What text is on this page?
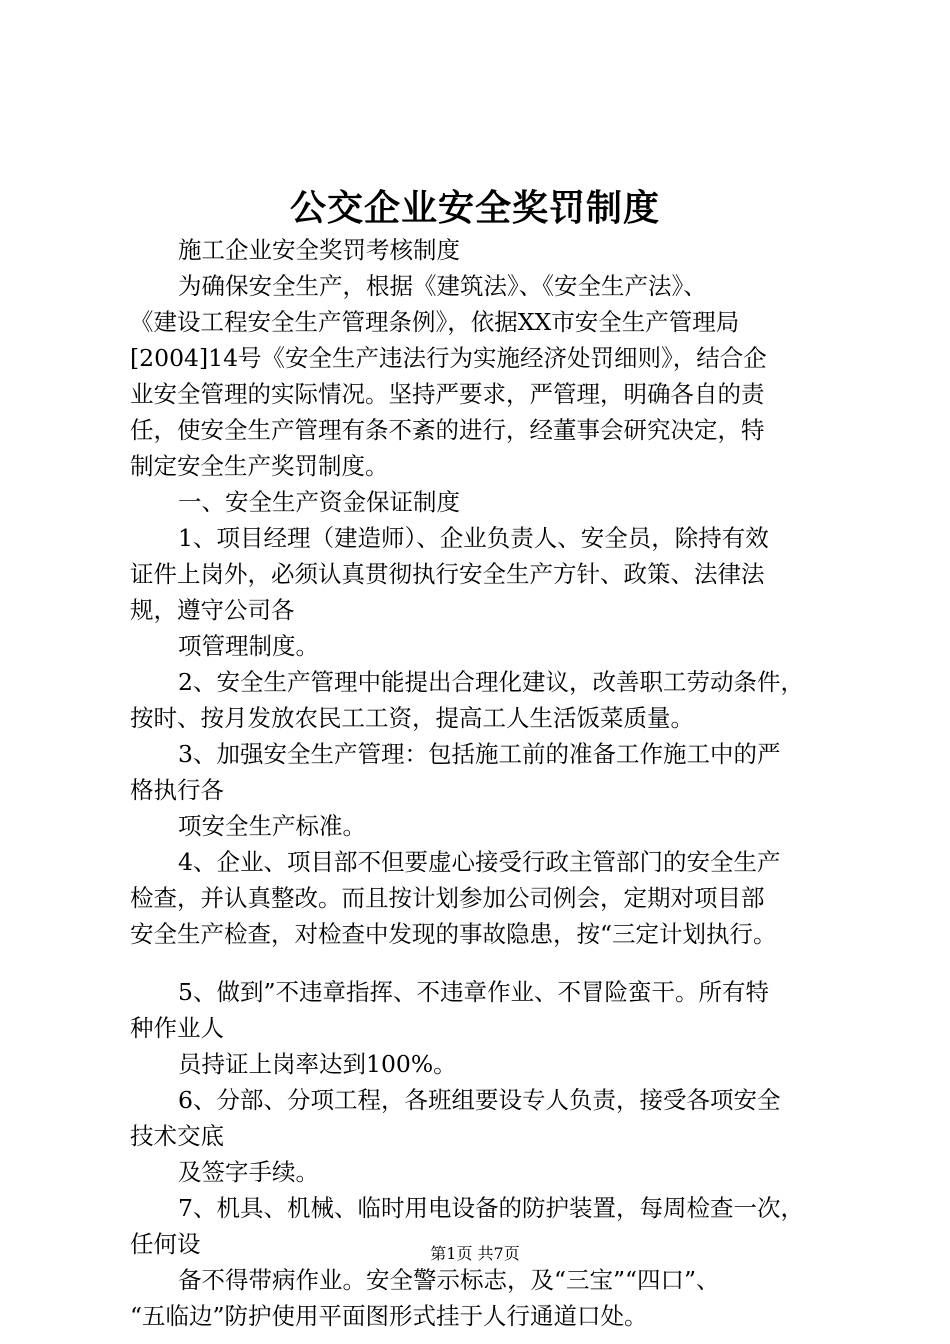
公交企业安全奖罚制度
施工企业安全奖罚考核制度
为确保安全生产，根据《建筑法》、《安全生产法》、
《建设工程安全生产管理条例》，依据XX市安全生产管理局
[2004]14号《安全生产违法行为实施经济处罚细则》，结合企
业安全管理的实际情况。坚持严要求，严管理，明确各自的责
任，使安全生产管理有条不紊的进行，经董事会研究决定，特
制定安全生产奖罚制度。
一、安全生产资金保证制度
1、项目经理（建造师）、企业负责人、安全员，除持有效
证件上岗外，必须认真贯彻执行安全生产方针、政策、法律法
规，遵守公司各
项管理制度。
2、安全生产管理中能提出合理化建议，改善职工劳动条件，
按时、按月发放农民工工资，提高工人生活饭菜质量。
3、加强安全生产管理：包括施工前的准备工作施工中的严
格执行各
项安全生产标准。
4、企业、项目部不但要虚心接受行政主管部门的安全生产
检查，并认真整改。而且按计划参加公司例会，定期对项目部
安全生产检查，对检查中发现的事故隐患，按“三定计划执行。
5、做到”不违章指挥、不违章作业、不冒险蛮干。所有特
种作业人
员持证上岗率达到100%。
6、分部、分项工程，各班组要设专人负责，接受各项安全
技术交底
及签字手续。
7、机具、机械、临时用电设备的防护装置，每周检查一次，
任何设
备不得带病作业。安全警示标志，及“三宝”“四口”、
“五临边”防护使用平面图形式挂于人行通道口处。
第1页 共7页
